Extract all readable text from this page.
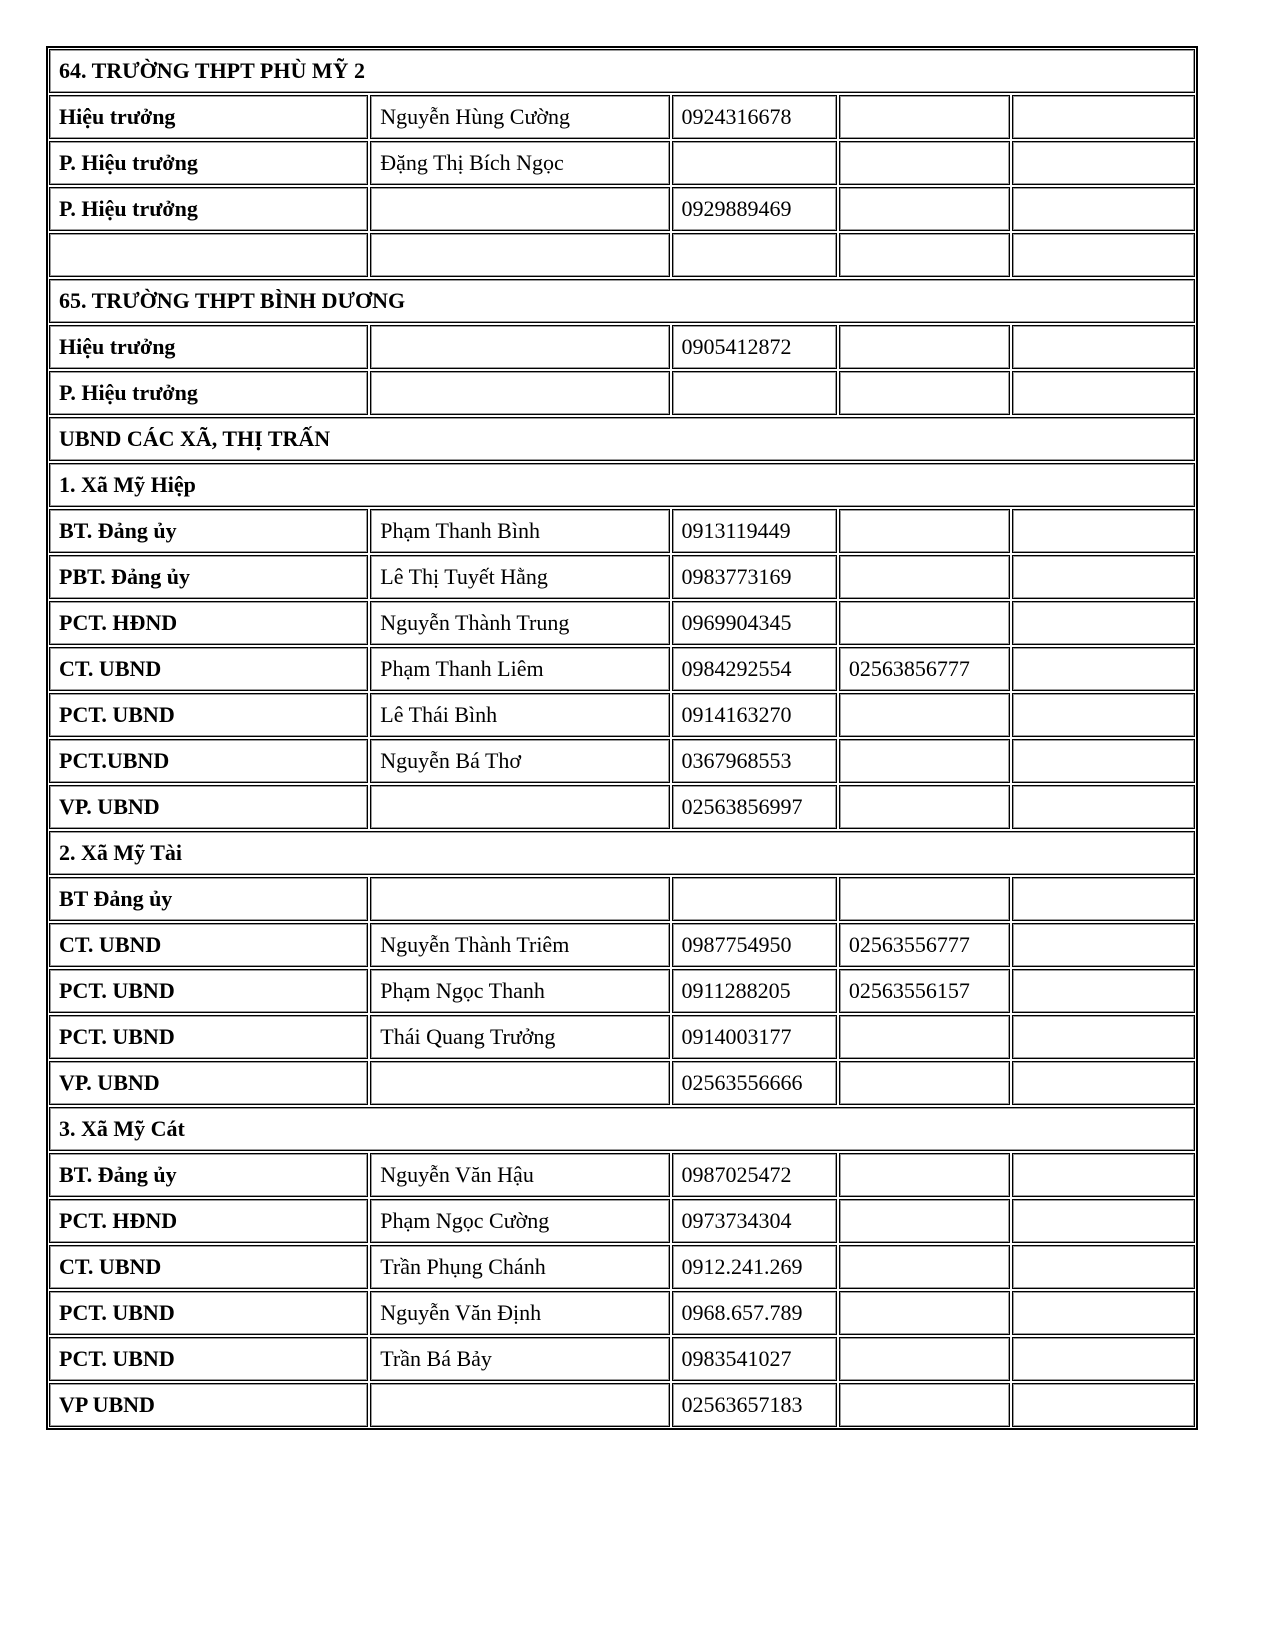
64. TRƯỜNG THPT PHÙ MỸ 2				
Hiệu trưởng	Nguyễn Hùng Cường	0924316678		
P. Hiệu trưởng	Đặng Thị Bích Ngọc			
P. Hiệu trưởng		0929889469		

65. TRƯỜNG THPT BÌNH DƯƠNG				
Hiệu trưởng		0905412872		
P. Hiệu trưởng				
UBND CÁC XÃ, THỊ TRẤN				
1. Xã Mỹ Hiệp				
BT. Đảng ủy	Phạm Thanh Bình	0913119449		
PBT. Đảng ủy	Lê Thị Tuyết Hằng	0983773169		
PCT. HĐND	Nguyễn Thành Trung	0969904345		
CT. UBND	Phạm Thanh Liêm	0984292554	02563856777	
PCT. UBND	Lê Thái Bình	0914163270		
PCT.UBND	Nguyễn Bá Thơ	0367968553		
VP. UBND		02563856997		
2. Xã Mỹ Tài				
BT Đảng ủy				
CT. UBND	Nguyễn Thành Triêm	0987754950	02563556777	
PCT. UBND	Phạm Ngọc Thanh	0911288205	02563556157	
PCT. UBND	Thái Quang Trưởng	0914003177		
VP. UBND		02563556666		
3. Xã Mỹ Cát				
BT. Đảng ủy	Nguyễn Văn Hậu	0987025472		
PCT. HĐND	Phạm Ngọc Cường	0973734304		
CT. UBND	Trần Phụng Chánh	0912.241.269		
PCT. UBND	Nguyễn Văn Định	0968.657.789		
PCT. UBND	Trần Bá Bảy	0983541027		
VP UBND		02563657183		
